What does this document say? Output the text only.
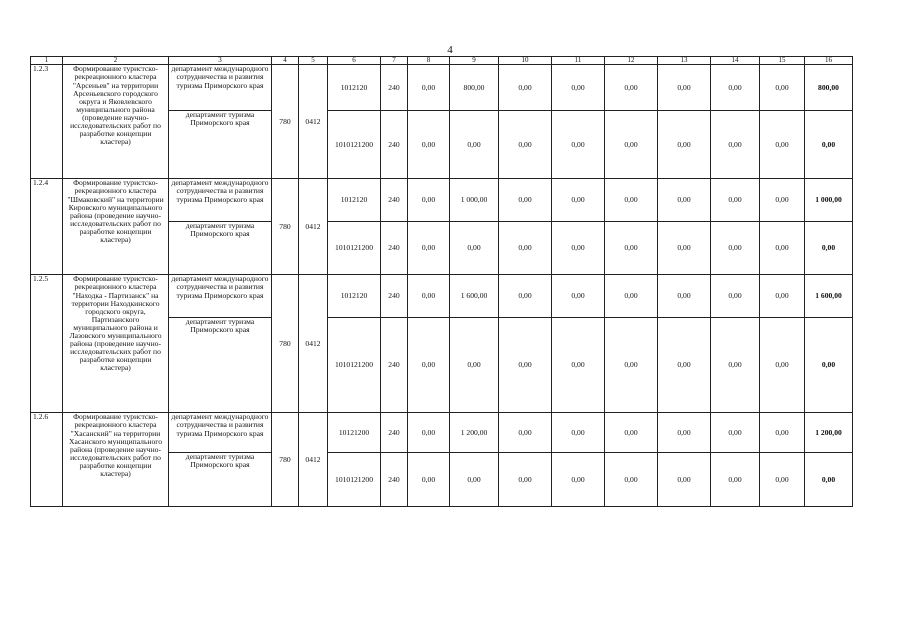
4
1	2	3	4	5	6	7	8	9	10	11	12	13	14	15	16
1.2.3	Формирование туристско-рекреационного кластера "Арсеньев" на территории Арсеньевского городского округа и Яковлевского муниципального района (проведение научно-исследовательских работ по разработке концепции кластера)	департамент международного сотрудничества и развития туризма Приморского края	780	0412	1012120	240	0,00	800,00	0,00	0,00	0,00	0,00	0,00	0,00	800,00
		департамент туризма Приморского края			1010121200	240	0,00	0,00	0,00	0,00	0,00	0,00	0,00	0,00	0,00
1.2.4	Формирование туристско-рекреационного кластера "Шмаковский" на территории Кировского муниципального района (проведение научно-исследовательских работ по разработке концепции кластера)	департамент международного сотрудничества и развития туризма Приморского края	780	0412	1012120	240	0,00	1 000,00	0,00	0,00	0,00	0,00	0,00	0,00	1 000,00
		департамент туризма Приморского края			1010121200	240	0,00	0,00	0,00	0,00	0,00	0,00	0,00	0,00	0,00
1.2.5	Формирование туристско-рекреационного кластера "Находка - Партизанск" на территории Находкинского городского округа, Партизанского муниципального района и Лазовского муниципального района (проведение научно-исследовательских работ по разработке концепции кластера)	департамент международного сотрудничества и развития туризма Приморского края	780	0412	1012120	240	0,00	1 600,00	0,00	0,00	0,00	0,00	0,00	0,00	1 600,00
		департамент туризма Приморского края			1010121200	240	0,00	0,00	0,00	0,00	0,00	0,00	0,00	0,00	0,00
1.2.6	Формирование туристско-рекреационного кластера "Хасанский" на территории Хасанского муниципального района (проведение научно-исследовательских работ по разработке концепции кластера)	департамент международного сотрудничества и развития туризма Приморского края	780	0412	10121200	240	0,00	1 200,00	0,00	0,00	0,00	0,00	0,00	0,00	1 200,00
		департамент туризма Приморского края			1010121200	240	0,00	0,00	0,00	0,00	0,00	0,00	0,00	0,00	0,00
